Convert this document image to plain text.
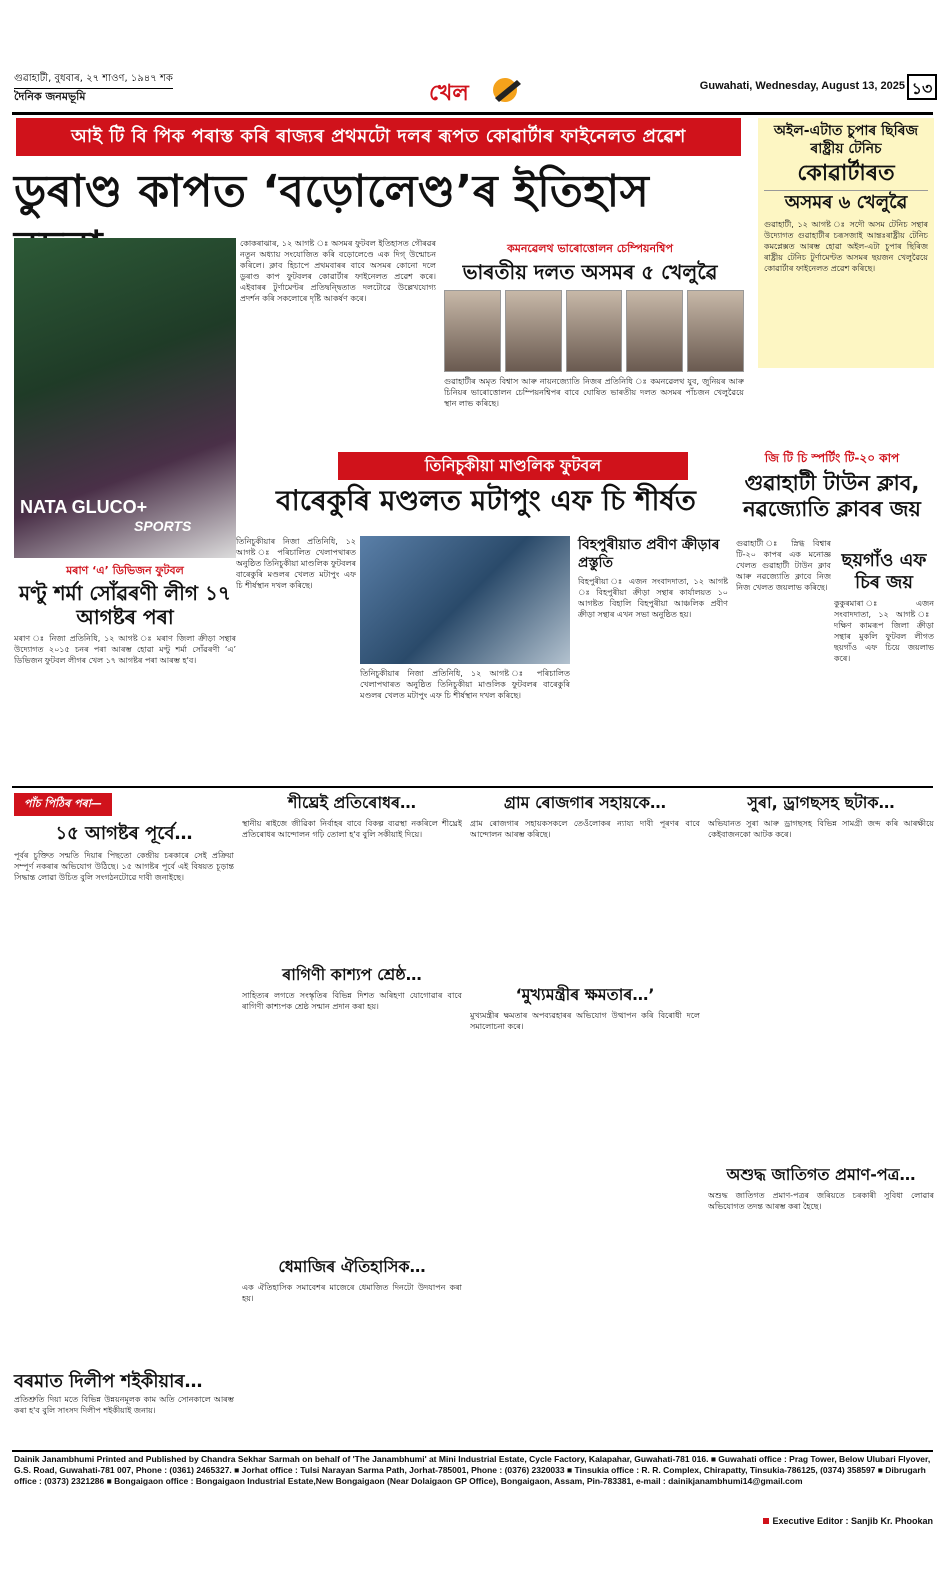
গুৱাহাটী, বুধবাৰ, ২৭ শাওণ, ১৯৪৭ শক
দৈনিক জনমভূমি	খেল	Guwahati, Wednesday, August 13, 2025 ১৩
আই টি বি পিক পৰাস্ত কৰি ৰাজ্যৰ প্ৰথমটো দলৰ ৰূপত কোৱাৰ্টাৰ ফাইনেলত প্ৰৱেশ
ডুৰাণ্ড কাপত ‘বড়োলেণ্ড’ৰ ইতিহাস
NATA GLUCO+
SPORTS
কোকৰাঝাৰ, ১২ আগষ্ট ঃ অসমৰ ফুটবল ইতিহাসত গৌৰৱৰ নতুন অধ্যায় সংযোজিত কৰি বড়োলেণ্ডে এক দিগ্‌ উন্মোচন কৰিলে। ক্লাব হিচাপে প্ৰথমবাৰৰ বাবে অসমৰ কোনো দলে ডুৰাণ্ড কাপ ফুটবলৰ কোৱাৰ্টাৰ ফাইনেলত প্ৰৱেশ কৰে। এইবাৰৰ টুৰ্ণামেণ্টৰ প্ৰতিদ্বন্দ্বিতাত দলটোৱে উল্লেখযোগ্য প্ৰদৰ্শন কৰি সকলোৰে দৃষ্টি আকৰ্ষণ কৰে।
অইল-এটাত চুপাৰ ছিৰিজ ৰাষ্ট্ৰীয় টেনিচ
কোৱাৰ্টাৰত
অসমৰ ৬ খেলুৱৈ
গুৱাহাটী, ১২ আগষ্ট ঃ সদৌ অসম টেনিচ সন্থাৰ উদ্যোগত গুৱাহাটীৰ চৰূসজাই আন্তঃৰাষ্ট্ৰীয় টেনিচ কমপ্লেক্সত আৰম্ভ হোৱা অইল-এটা চুপাৰ ছিৰিজ ৰাষ্ট্ৰীয় টেনিচ টুৰ্ণামেণ্টত অসমৰ ছয়জন খেলুৱৈয়ে কোৱাৰ্টাৰ ফাইনেলত প্ৰৱেশ কৰিছে।
কমনৱেলথ ভাৰোত্তোলন চেম্পিয়নশ্বিপ
ভাৰতীয় দলত অসমৰ ৫ খেলুৱৈ
গুৱাহাটীৰ অমৃত বিশ্বাস আৰু নায়নজ্যোতি নিজৰ প্ৰতিনিধি ঃ কমনৱেলথ যুব, জুনিয়ৰ আৰু চিনিয়ৰ ভাৰোত্তোলন চেম্পিয়নশ্বিপৰ বাবে ঘোষিত ভাৰতীয় দলত অসমৰ পাঁচজন খেলুৱৈয়ে স্থান লাভ কৰিছে।
তিনিচুকীয়া মাণ্ডলিক ফুটবল
বাৰেকুৰি মণ্ডলত মটাপুং এফ চি শীৰ্ষত
তিনিচুকীয়াৰ নিজা প্ৰতিনিধি, ১২ আগষ্ট ঃ পৰিচালিত খেলাপথাৰত অনুষ্ঠিত তিনিচুকীয়া মাণ্ডলিক ফুটবলৰ বাৰেকুৰি মণ্ডলৰ খেলত মটাপুং এফ চি শীৰ্ষস্থান দখল কৰিছে।
তিনিচুকীয়াৰ নিজা প্ৰতিনিধি, ১২ আগষ্ট ঃ পৰিচালিত খেলাপথাৰত অনুষ্ঠিত তিনিচুকীয়া মাণ্ডলিক ফুটবলৰ বাৰেকুৰি মণ্ডলৰ খেলত মটাপুং এফ চি শীৰ্ষস্থান দখল কৰিছে।
বিহপুৰীয়াত প্ৰবীণ ক্ৰীড়াৰ প্ৰস্তুতি
বিহপুৰীয়া ঃ এজন সংবাদদাতা, ১২ আগষ্ট ঃ বিহপুৰীয়া ক্ৰীড়া সন্থাৰ কাৰ্যালয়ত ১০ আগষ্টত বিহালি বিহপুৰীয়া আঞ্চলিক প্ৰবীণ ক্ৰীড়া সন্থাৰ এখন সভা অনুষ্ঠিত হয়।
জি টি চি স্পৰ্টিং টি-২০ কাপ
গুৱাহাটী টাউন ক্লাব, নৱজ্যোতি ক্লাবৰ জয়
গুৱাহাটী ঃ স্নিগ্ধ বিশ্বাৰ টি-২০ কাপৰ এক মনোজ্ঞ খেলত গুৱাহাটী টাউন ক্লাব আৰু নৱজ্যোতি ক্লাবে নিজ নিজ খেলত জয়লাভ কৰিছে।
ছয়গাঁও এফ চিৰ জয়
কুকুৰমাৰা ঃ এজন সংবাদদাতা, ১২ আগষ্ট ঃ দক্ষিণ কামৰূপ জিলা ক্ৰীড়া সন্থাৰ মুকলি ফুটবল লীগত ছয়গাঁও এফ চিয়ে জয়লাভ কৰে।
মৰাণ ‘এ’ ডিভিজন ফুটবল
মণ্টু শৰ্মা সোঁৱৰণী লীগ ১৭ আগষ্টৰ পৰা
মৰাণ ঃ নিজা প্ৰতিনিধি, ১২ আগষ্ট ঃ মৰাণ জিলা ক্ৰীড়া সন্থাৰ উদ্যোগত ২০১৫ চনৰ পৰা আৰম্ভ হোৱা মণ্টু শৰ্মা সোঁৱৰণী ‘এ’ ডিভিজন ফুটবল লীগৰ খেল ১৭ আগষ্টৰ পৰা আৰম্ভ হ'ব।
পাঁচ পিঠিৰ পৰা—
১৫ আগষ্টৰ পূৰ্বে…
পূৰ্বৰ চুক্তিত সন্মতি দিয়াৰ পিছতো কেন্দ্ৰীয় চৰকাৰে সেই প্ৰক্ৰিয়া সম্পূৰ্ণ নকৰাৰ অভিযোগ উঠিছে। ১৫ আগষ্টৰ পূৰ্বে এই বিষয়ত চূড়ান্ত সিদ্ধান্ত লোৱা উচিত বুলি সংগঠনটোৱে দাবী জনাইছে।
বৰমাত দিলীপ শইকীয়াৰ…
প্ৰতিশ্ৰুতি দিয়া মতে বিভিন্ন উন্নয়নমূলক কাম অতি সোনকালে আৰম্ভ কৰা হ'ব বুলি সাংসদ দিলীপ শইকীয়াই জনায়।
শীঘ্ৰেই প্ৰতিৰোধৰ…
স্থানীয় ৰাইজে জীৱিকা নিৰ্বাহৰ বাবে বিকল্প ব্যৱস্থা নকৰিলে শীঘ্ৰেই প্ৰতিৰোধৰ আন্দোলন গঢ়ি তোলা হ'ব বুলি সকীয়াই দিয়ে।
ৰাগিণী কাশ্যপ শ্ৰেষ্ঠ…
সাহিত্যৰ লগতে সংস্কৃতিৰ বিভিন্ন দিশত অৰিহণা যোগোৱাৰ বাবে ৰাগিণী কাশ্যপক শ্ৰেষ্ঠ সন্মান প্ৰদান কৰা হয়।
ধেমাজিৰ ঐতিহাসিক…
এক ঐতিহাসিক সমাবেশৰ মাজেৰে ধেমাজিত দিনটো উদযাপন কৰা হয়।
গ্ৰাম ৰোজগাৰ সহায়কে…
গ্ৰাম ৰোজগাৰ সহায়কসকলে তেওঁলোকৰ ন্যায্য দাবী পূৰণৰ বাবে আন্দোলন আৰম্ভ কৰিছে।
‘মুখ্যমন্ত্ৰীৰ ক্ষমতাৰ…’
মুখ্যমন্ত্ৰীৰ ক্ষমতাৰ অপব্যৱহাৰৰ অভিযোগ উত্থাপন কৰি বিৰোধী দলে সমালোচনা কৰে।
সুৰা, ড্ৰাগছসহ ছটাক…
অভিযানত সুৰা আৰু ড্ৰাগছসহ বিভিন্ন সামগ্ৰী জব্দ কৰি আৰক্ষীয়ে কেইবাজনকো আটক কৰে।
অশুদ্ধ জাতিগত প্ৰমাণ-পত্ৰ…
অশুদ্ধ জাতিগত প্ৰমাণ-পত্ৰৰ জৰিয়তে চৰকাৰী সুবিধা লোৱাৰ অভিযোগত তদন্ত আৰম্ভ কৰা হৈছে।
Dainik Janambhumi Printed and Published by Chandra Sekhar Sarmah on behalf of 'The Janambhumi' at Mini Industrial Estate, Cycle Factory, Kalapahar, Guwahati-781 016. ■ Guwahati office : Prag Tower, Below Ulubari Flyover, G.S. Road, Guwahati-781 007, Phone : (0361) 2465327. ■ Jorhat office : Tulsi Narayan Sarma Path, Jorhat-785001, Phone : (0376) 2320033 ■ Tinsukia office : R. R. Complex, Chirapatty, Tinsukia-786125, (0374) 358597 ■ Dibrugarh office : (0373) 2321286 ■ Bongaigaon office : Bongaigaon Industrial Estate,New Bongaigaon (Near Dolaigaon GP Office), Bongaigaon, Assam, Pin-783381, e-mail : dainikjanambhumi14@gmail.com
Executive Editor : Sanjib Kr. Phookan
